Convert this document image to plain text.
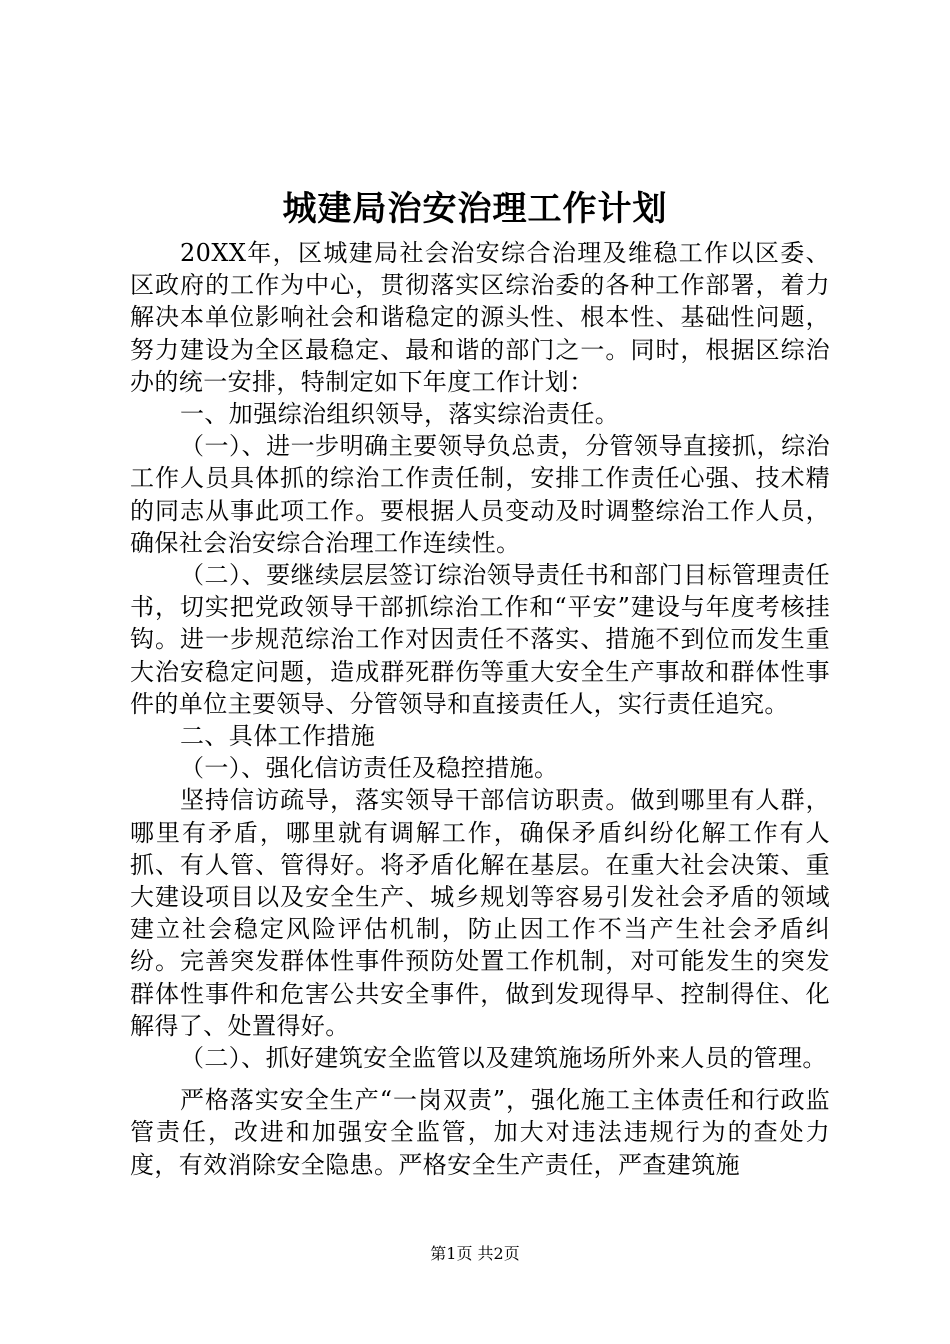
城建局治安治理工作计划

20XX年，区城建局社会治安综合治理及维稳工作以区委、区政府的工作为中心，贯彻落实区综治委的各种工作部署，着力解决本单位影响社会和谐稳定的源头性、根本性、基础性问题，努力建设为全区最稳定、最和谐的部门之一。同时，根据区综治办的统一安排，特制定如下年度工作计划：

一、加强综治组织领导，落实综治责任。

（一）、进一步明确主要领导负总责，分管领导直接抓，综治工作人员具体抓的综治工作责任制，安排工作责任心强、技术精的同志从事此项工作。要根据人员变动及时调整综治工作人员，确保社会治安综合治理工作连续性。

（二）、要继续层层签订综治领导责任书和部门目标管理责任书，切实把党政领导干部抓综治工作和“平安”建设与年度考核挂钩。进一步规范综治工作对因责任不落实、措施不到位而发生重大治安稳定问题，造成群死群伤等重大安全生产事故和群体性事件的单位主要领导、分管领导和直接责任人，实行责任追究。

二、具体工作措施

（一）、强化信访责任及稳控措施。

坚持信访疏导，落实领导干部信访职责。做到哪里有人群，哪里有矛盾，哪里就有调解工作，确保矛盾纠纷化解工作有人抓、有人管、管得好。将矛盾化解在基层。在重大社会决策、重大建设项目以及安全生产、城乡规划等容易引发社会矛盾的领域建立社会稳定风险评估机制，防止因工作不当产生社会矛盾纠纷。完善突发群体性事件预防处置工作机制，对可能发生的突发群体性事件和危害公共安全事件，做到发现得早、控制得住、化解得了、处置得好。

（二）、抓好建筑安全监管以及建筑施场所外来人员的管理。

严格落实安全生产“一岗双责”，强化施工主体责任和行政监管责任，改进和加强安全监管，加大对违法违规行为的查处力度，有效消除安全隐患。严格安全生产责任，严查建筑施

第1页 共2页
